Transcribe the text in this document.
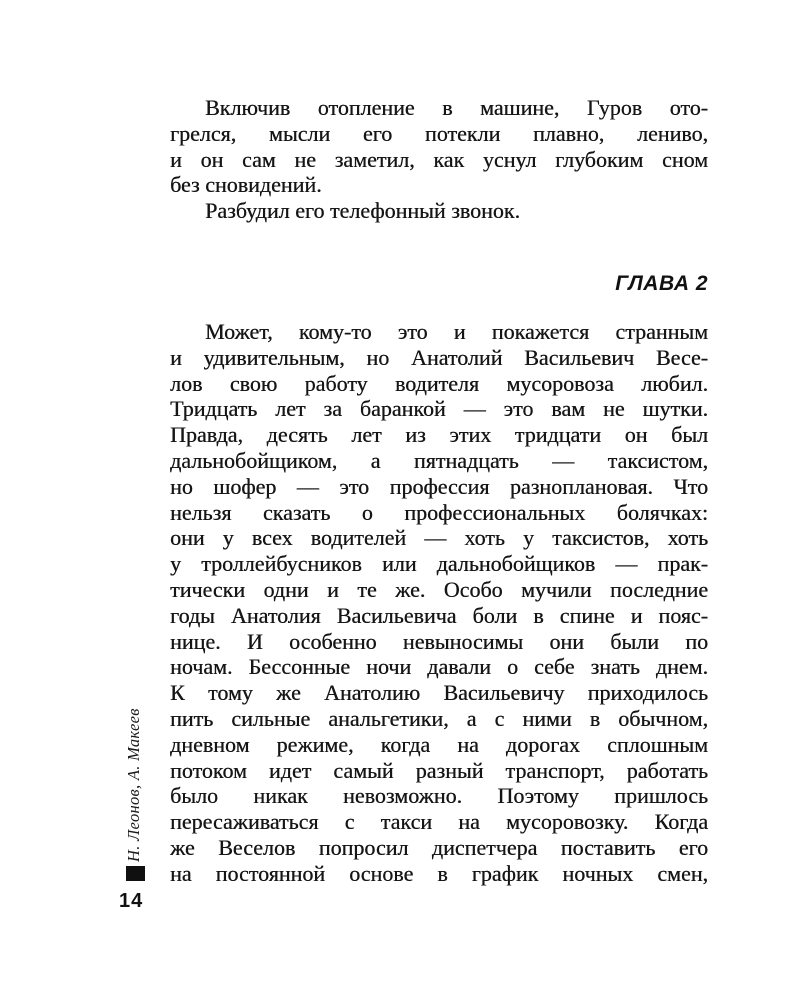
Включив отопление в машине, Гуров ото-
грелся, мысли его потекли плавно, лениво,
и он сам не заметил, как уснул глубоким сном
без сновидений.
Разбудил его телефонный звонок.
ГЛАВА 2
Может, кому-то это и покажется странным
и удивительным, но Анатолий Васильевич Весе-
лов свою работу водителя мусоровоза любил.
Тридцать лет за баранкой — это вам не шутки.
Правда, десять лет из этих тридцати он был
дальнобойщиком, а пятнадцать — таксистом,
но шофер — это профессия разноплановая. Что
нельзя сказать о профессиональных болячках:
они у всех водителей — хоть у таксистов, хоть
у троллейбусников или дальнобойщиков — прак-
тически одни и те же. Особо мучили последние
годы Анатолия Васильевича боли в спине и пояс-
нице. И особенно невыносимы они были по
ночам. Бессонные ночи давали о себе знать днем.
К тому же Анатолию Васильевичу приходилось
пить сильные анальгетики, а с ними в обычном,
дневном режиме, когда на дорогах сплошным
потоком идет самый разный транспорт, работать
было никак невозможно. Поэтому пришлось
пересаживаться с такси на мусоровозку. Когда
же Веселов попросил диспетчера поставить его
на постоянной основе в график ночных смен,
Н. Леонов, А. Макеев
14
